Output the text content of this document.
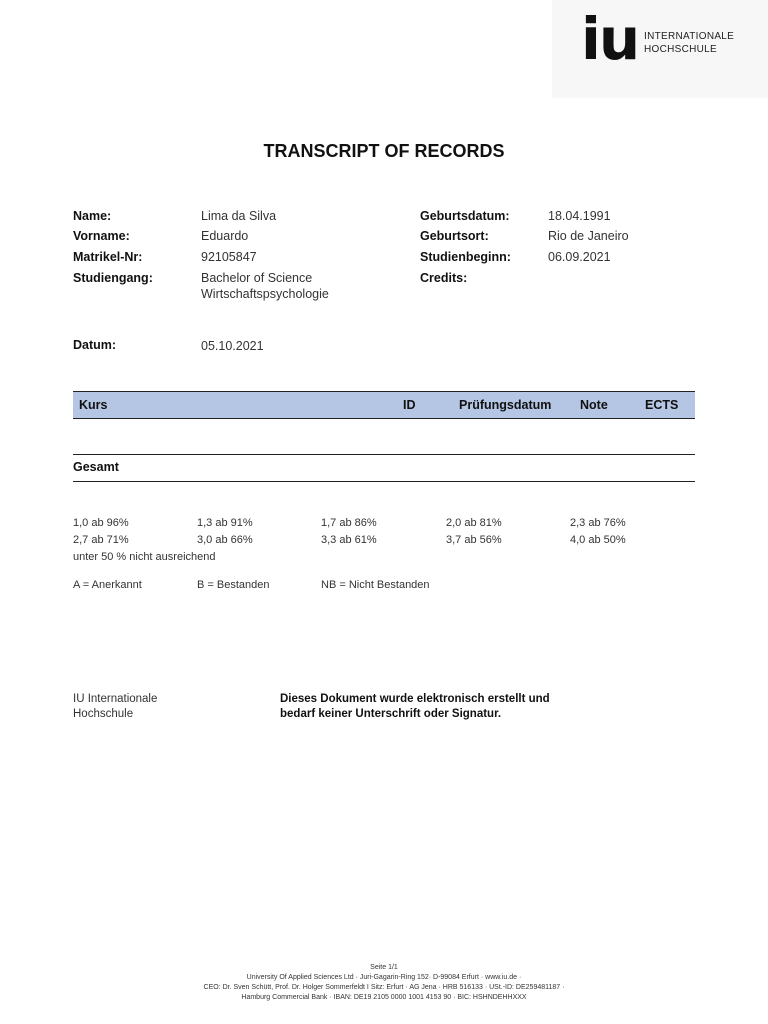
iu INTERNATIONALE
HOCHSCHULE
TRANSCRIPT OF RECORDS
Name:	Lima da Silva
Vorname:	Eduardo
Matrikel-Nr:	92105847
Studiengang:	Bachelor of Science
Wirtschaftspsychologie
Geburtsdatum:	18.04.1991
Geburtsort:	Rio de Janeiro
Studienbeginn:	06.09.2021
Credits:
Datum:	05.10.2021
Kurs	ID	Prüfungsdatum Note	ECTS
Gesamt
1,0 ab 96%	1,3 ab 91%	1,7 ab 86%	2,0 ab 81%	2,3 ab 76%
2,7 ab 71%	3,0 ab 66%	3,3 ab 61%	3,7 ab 56%	4,0 ab 50%
unter 50 % nicht ausreichend
A = Anerkannt	B = Bestanden	NB = Nicht Bestanden
IU Internationale
Hochschule
Dieses Dokument wurde elektronisch erstellt und
bedarf keiner Unterschrift oder Signatur.
Seite 1/1
University Of Applied Sciences Ltd · Juri-Gagarin-Ring 152· D-99084 Erfurt · www.iu.de ·
CEO: Dr. Sven Schütt, Prof. Dr. Holger Sommerfeldt I Sitz: Erfurt · AG Jena · HRB 516133 · USt.-ID: DE259481187 ·
Hamburg Commercial Bank · IBAN: DE19 2105 0000 1001 4153 90 · BIC: HSHNDEHHXXX
